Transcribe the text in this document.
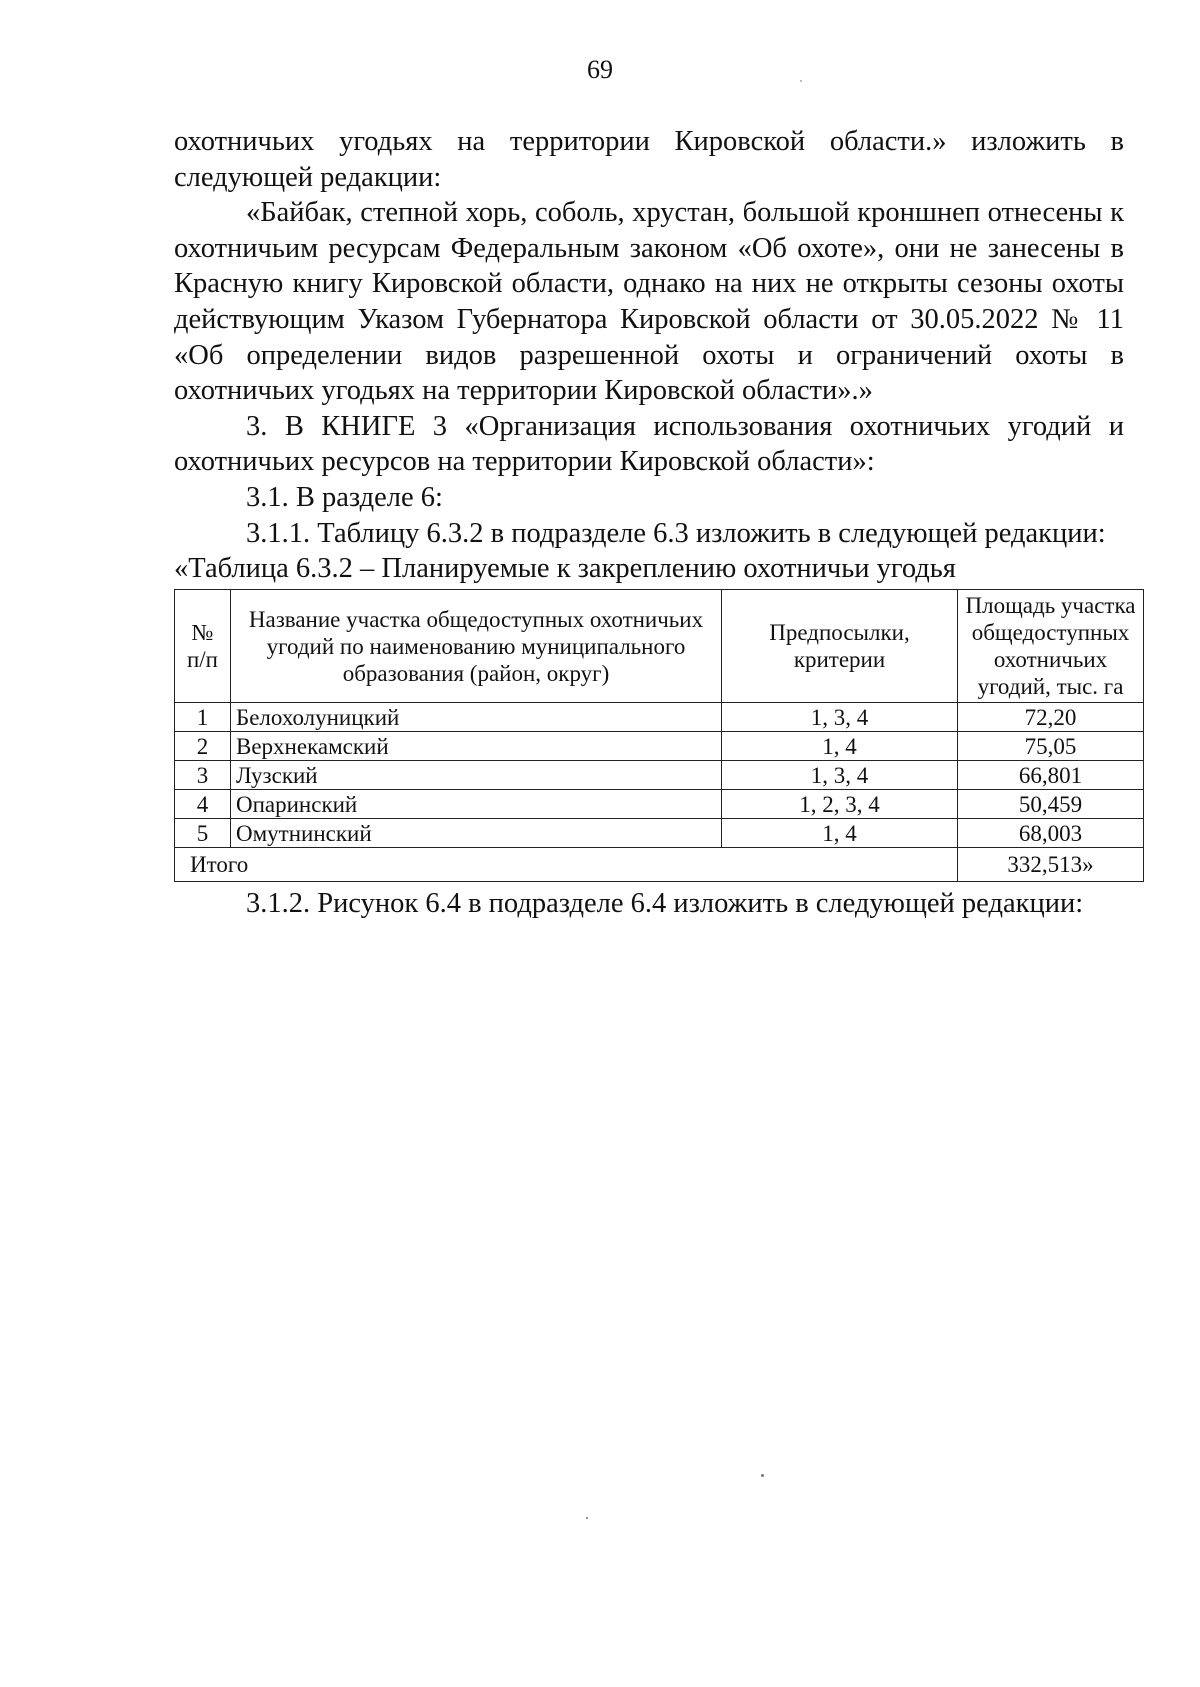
69

охотничьих угодьях на территории Кировской области.» изложить в следующей редакции:

«Байбак, степной хорь, соболь, хрустан, большой кроншнеп отнесены к охотничьим ресурсам Федеральным законом «Об охоте», они не занесены в Красную книгу Кировской области, однако на них не открыты сезоны охоты действующим Указом Губернатора Кировской области от 30.05.2022 № 11 «Об определении видов разрешенной охоты и ограничений охоты в охотничьих угодьях на территории Кировской области».»

3. В КНИГЕ 3 «Организация использования охотничьих угодий и охотничьих ресурсов на территории Кировской области»:

3.1. В разделе 6:

3.1.1. Таблицу 6.3.2 в подразделе 6.3 изложить в следующей редакции:

«Таблица 6.3.2 – Планируемые к закреплению охотничьи угодья

№ п/п	Название участка общедоступных охотничьих угодий по наименованию муниципального образования (район, округ)	Предпосылки, критерии	Площадь участка общедоступных охотничьих угодий, тыс. га
1	Белохолуницкий	1, 3, 4	72,20
2	Верхнекамский	1, 4	75,05
3	Лузский	1, 3, 4	66,801
4	Опаринский	1, 2, 3, 4	50,459
5	Омутнинский	1, 4	68,003
Итого			332,513»
3.1.2. Рисунок 6.4 в подразделе 6.4 изложить в следующей редакции:
